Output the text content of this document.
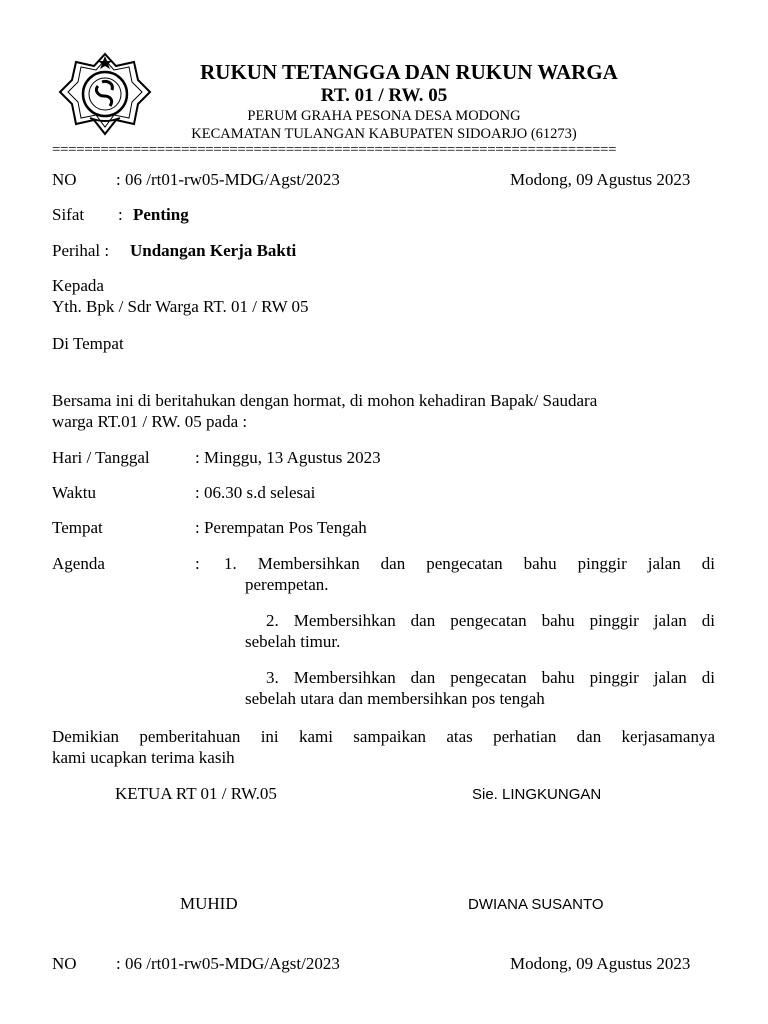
RUKUN TETANGGA DAN RUKUN WARGA
RT. 01 / RW. 05
PERUM GRAHA PESONA DESA MODONG
KECAMATAN TULANGAN KABUPATEN SIDOARJO (61273)
======================================================================
NO : 06 /rt01-rw05-MDG/Agst/2023	Modong, 09 Agustus 2023
Sifat : Penting
Perihal : Undangan Kerja Bakti
Kepada
Yth. Bpk / Sdr Warga RT. 01 / RW 05
Di Tempat
Bersama ini di beritahukan dengan hormat, di mohon kehadiran Bapak/ Saudara
warga RT.01 / RW. 05 pada :
Hari / Tanggal	: Minggu, 13 Agustus 2023
Waktu	: 06.30 s.d selesai
Tempat	: Perempatan Pos Tengah
Agenda	: 1. Membersihkan dan pengecatan bahu pinggir jalan di
perempetan.
2. Membersihkan dan pengecatan bahu pinggir jalan di
sebelah timur.
3. Membersihkan dan pengecatan bahu pinggir jalan di
sebelah utara dan membersihkan pos tengah
Demikian pemberitahuan ini kami sampaikan atas perhatian dan kerjasamanya
kami ucapkan terima kasih
KETUA RT 01 / RW.05	Sie. LINGKUNGAN
MUHID	DWIANA SUSANTO
NO : 06 /rt01-rw05-MDG/Agst/2023	Modong, 09 Agustus 2023
